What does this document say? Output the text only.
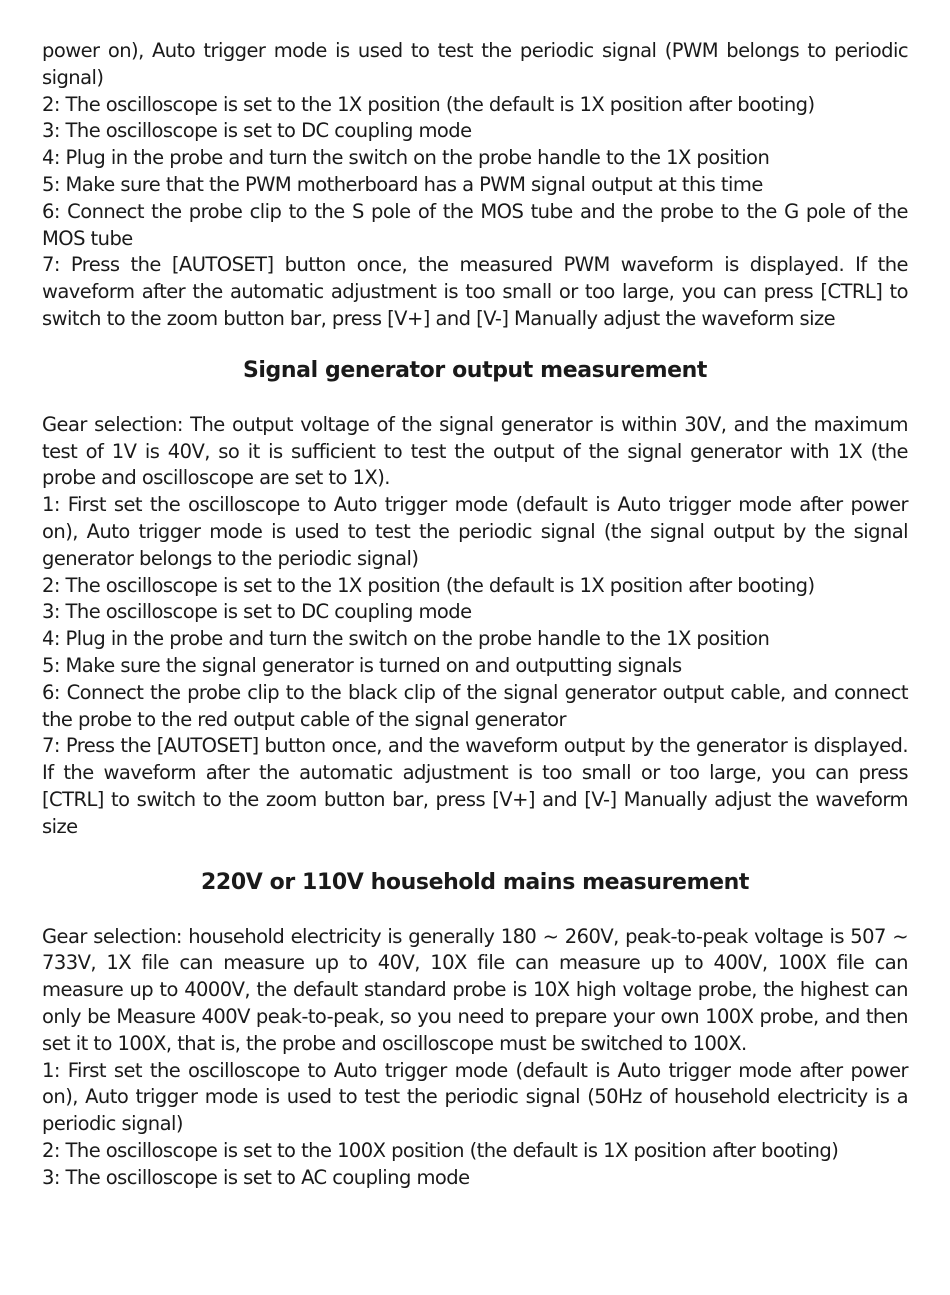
power on), Auto trigger mode is used to test the periodic signal (PWM belongs to periodic signal)

2: The oscilloscope is set to the 1X position (the default is 1X position after booting)

3: The oscilloscope is set to DC coupling mode

4: Plug in the probe and turn the switch on the probe handle to the 1X position

5: Make sure that the PWM motherboard has a PWM signal output at this time

6: Connect the probe clip to the S pole of the MOS tube and the probe to the G pole of the MOS tube

7: Press the [AUTOSET] button once, the measured PWM waveform is displayed. If the waveform after the automatic adjustment is too small or too large, you can press [CTRL] to switch to the zoom button bar, press [V+] and [V-] Manually adjust the waveform size

Signal generator output measurement

Gear selection: The output voltage of the signal generator is within 30V, and the maximum test of 1V is 40V, so it is sufficient to test the output of the signal generator with 1X (the probe and oscilloscope are set to 1X).

1: First set the oscilloscope to Auto trigger mode (default is Auto trigger mode after power on), Auto trigger mode is used to test the periodic signal (the signal output by the signal generator belongs to the periodic signal)

2: The oscilloscope is set to the 1X position (the default is 1X position after booting)

3: The oscilloscope is set to DC coupling mode

4: Plug in the probe and turn the switch on the probe handle to the 1X position

5: Make sure the signal generator is turned on and outputting signals

6: Connect the probe clip to the black clip of the signal generator output cable, and connect the probe to the red output cable of the signal generator

7: Press the [AUTOSET] button once, and the waveform output by the generator is displayed. If the waveform after the automatic adjustment is too small or too large, you can press [CTRL] to switch to the zoom button bar, press [V+] and [V-] Manually adjust the waveform size

220V or 110V household mains measurement

Gear selection: household electricity is generally 180 ~ 260V, peak-to-peak voltage is 507 ~ 733V, 1X file can measure up to 40V, 10X file can measure up to 400V, 100X file can measure up to 4000V, the default standard probe is 10X high voltage probe, the highest can only be Measure 400V peak-to-peak, so you need to prepare your own 100X probe, and then set it to 100X, that is, the probe and oscilloscope must be switched to 100X.

1: First set the oscilloscope to Auto trigger mode (default is Auto trigger mode after power on), Auto trigger mode is used to test the periodic signal (50Hz of household electricity is a periodic signal)

2: The oscilloscope is set to the 100X position (the default is 1X position after booting)

3: The oscilloscope is set to AC coupling mode
